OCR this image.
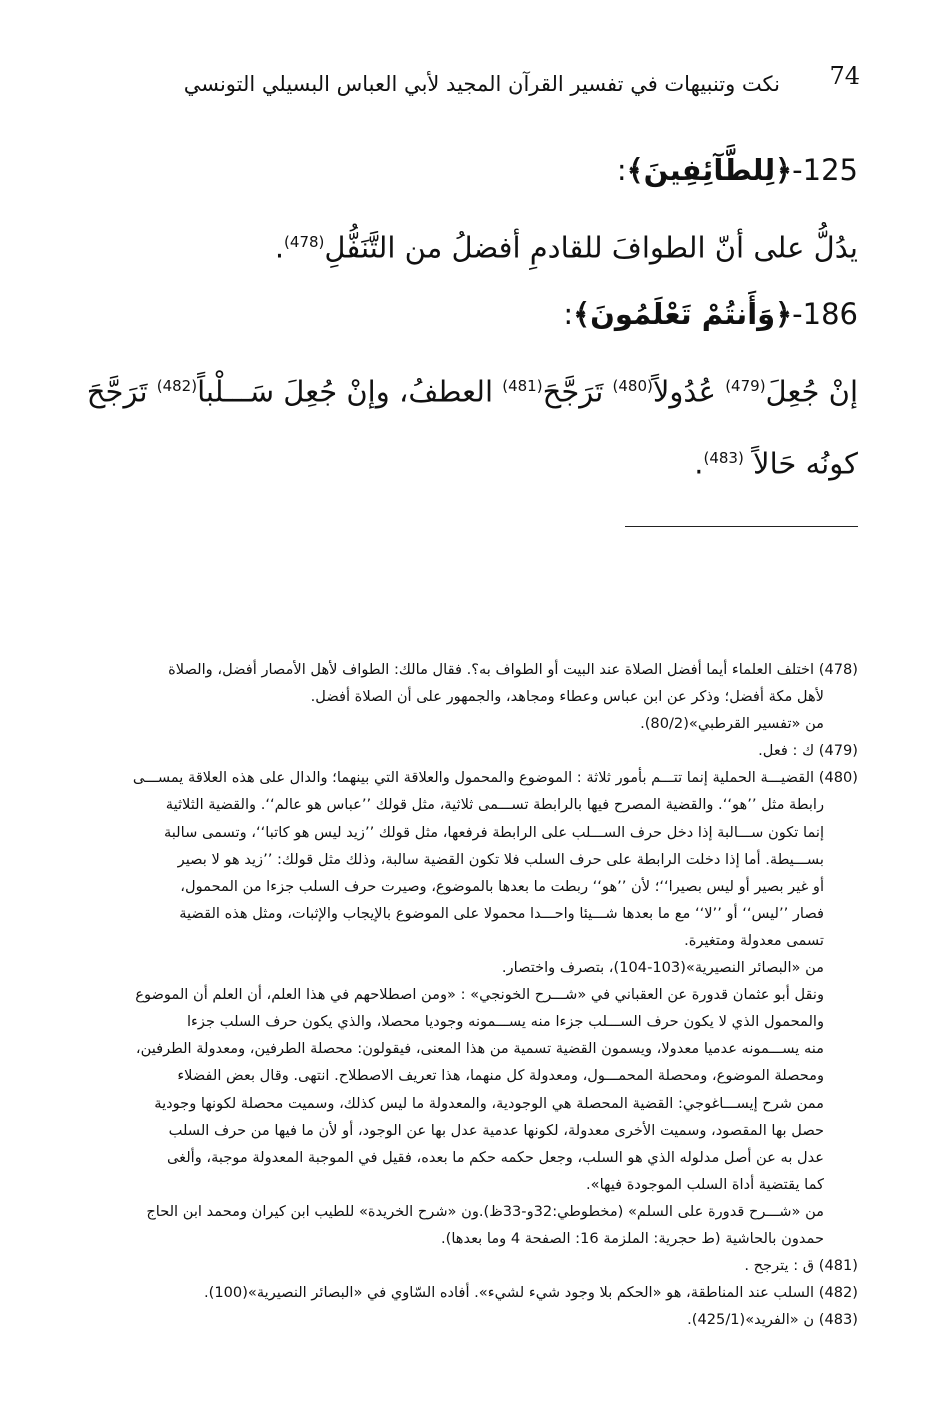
74
نكت وتنبيهات في تفسير القرآن المجيد لأبي العباس البسيلي التونسي
125-﴿لِلطَّآئِفِينَ﴾:
يدُلُّ على أنّ الطوافَ للقادمِ أفضلُ من التَّنَفُّلِ$^{(478)}$.
186-﴿وَأَنتُمْ تَعْلَمُونَ﴾:
إنْ جُعِلَ$^{(479)}$ عُدُولاً$^{(480)}$ تَرَجَّحَ$^{(481)}$ العطفُ، وإنْ جُعِلَ سَـــلْباً$^{(482)}$ تَرَجَّحَ
كونُه حَالاً $^{(483)}$.
(478) اختلف العلماء أيما أفضل الصلاة عند البيت أو الطواف به؟. فقال مالك: الطواف لأهل الأمصار أفضل، والصلاة
لأهل مكة أفضل؛ وذكر عن ابن عباس وعطاء ومجاهد، والجمهور على أن الصلاة أفضل.
من «تفسير القرطبي»(80/2).
(479) ك : فعل.
(480) القضيـــة الحملية إنما تتـــم بأمور ثلاثة : الموضوع والمحمول والعلاقة التي بينهما؛ والدال على هذه العلاقة يمســـى
رابطة مثل ’’هو‘‘. والقضية المصرح فيها بالرابطة تســـمى ثلاثية، مثل قولك ’’عباس هو عالم‘‘. والقضية الثلاثية
إنما تكون ســـالبة إذا دخل حرف الســـلب على الرابطة فرفعها، مثل قولك ’’زيد ليس هو كاتبا‘‘، وتسمى سالبة
بســـيطة. أما إذا دخلت الرابطة على حرف السلب فلا تكون القضية سالبة، وذلك مثل قولك: ’’زيد هو لا بصير
أو غير بصير أو ليس بصيرا‘‘؛ لأن ’’هو‘‘ ربطت ما بعدها بالموضوع، وصيرت حرف السلب جزءا من المحمول،
فصار ’’ليس‘‘ أو ’’لا‘‘ مع ما بعدها شـــيئا واحـــدا محمولا على الموضوع بالإيجاب والإثبات، ومثل هذه القضية
تسمى معدولة ومتغيرة.
من «البصائر النصيرية»(103-104)، بتصرف واختصار.
ونقل أبو عثمان قدورة عن العقباني في «شـــرح الخونجي» : «ومن اصطلاحهم في هذا العلم، أن العلم أن الموضوع
والمحمول الذي لا يكون حرف الســـلب جزءا منه يســـمونه وجوديا محصلا، والذي يكون حرف السلب جزءا
منه يســـمونه عدميا معدولا، ويسمون القضية تسمية من هذا المعنى، فيقولون: محصلة الطرفين، ومعدولة الطرفين،
ومحصلة الموضوع، ومحصلة المحمـــول، ومعدولة كل منهما، هذا تعريف الاصطلاح. انتهى. وقال بعض الفضلاء
ممن شرح إيســـاغوجي: القضية المحصلة هي الوجودية، والمعدولة ما ليس كذلك، وسميت محصلة لكونها وجودية
حصل بها المقصود، وسميت الأخرى معدولة، لكونها عدمية عدل بها عن الوجود، أو لأن ما فيها من حرف السلب
عدل به عن أصل مدلوله الذي هو السلب، وجعل حكمه حكم ما بعده، فقيل في الموجبة المعدولة موجبة، وألغى
كما يقتضية أداة السلب الموجودة فيها».
من «شـــرح قدورة على السلم» (مخطوطي:32و-33ظ).ون «شرح الخريدة» للطيب ابن كيران ومحمد ابن الحاج
حمدون بالحاشية (ط حجرية: الملزمة 16: الصفحة 4 وما بعدها).
(481) ق : يترجح .
(482) السلب عند المناطقة، هو «الحكم بلا وجود شيء لشيء». أفاده السّاوي في «البصائر النصيرية»(100).
(483) ن «الفريد»(425/1).
